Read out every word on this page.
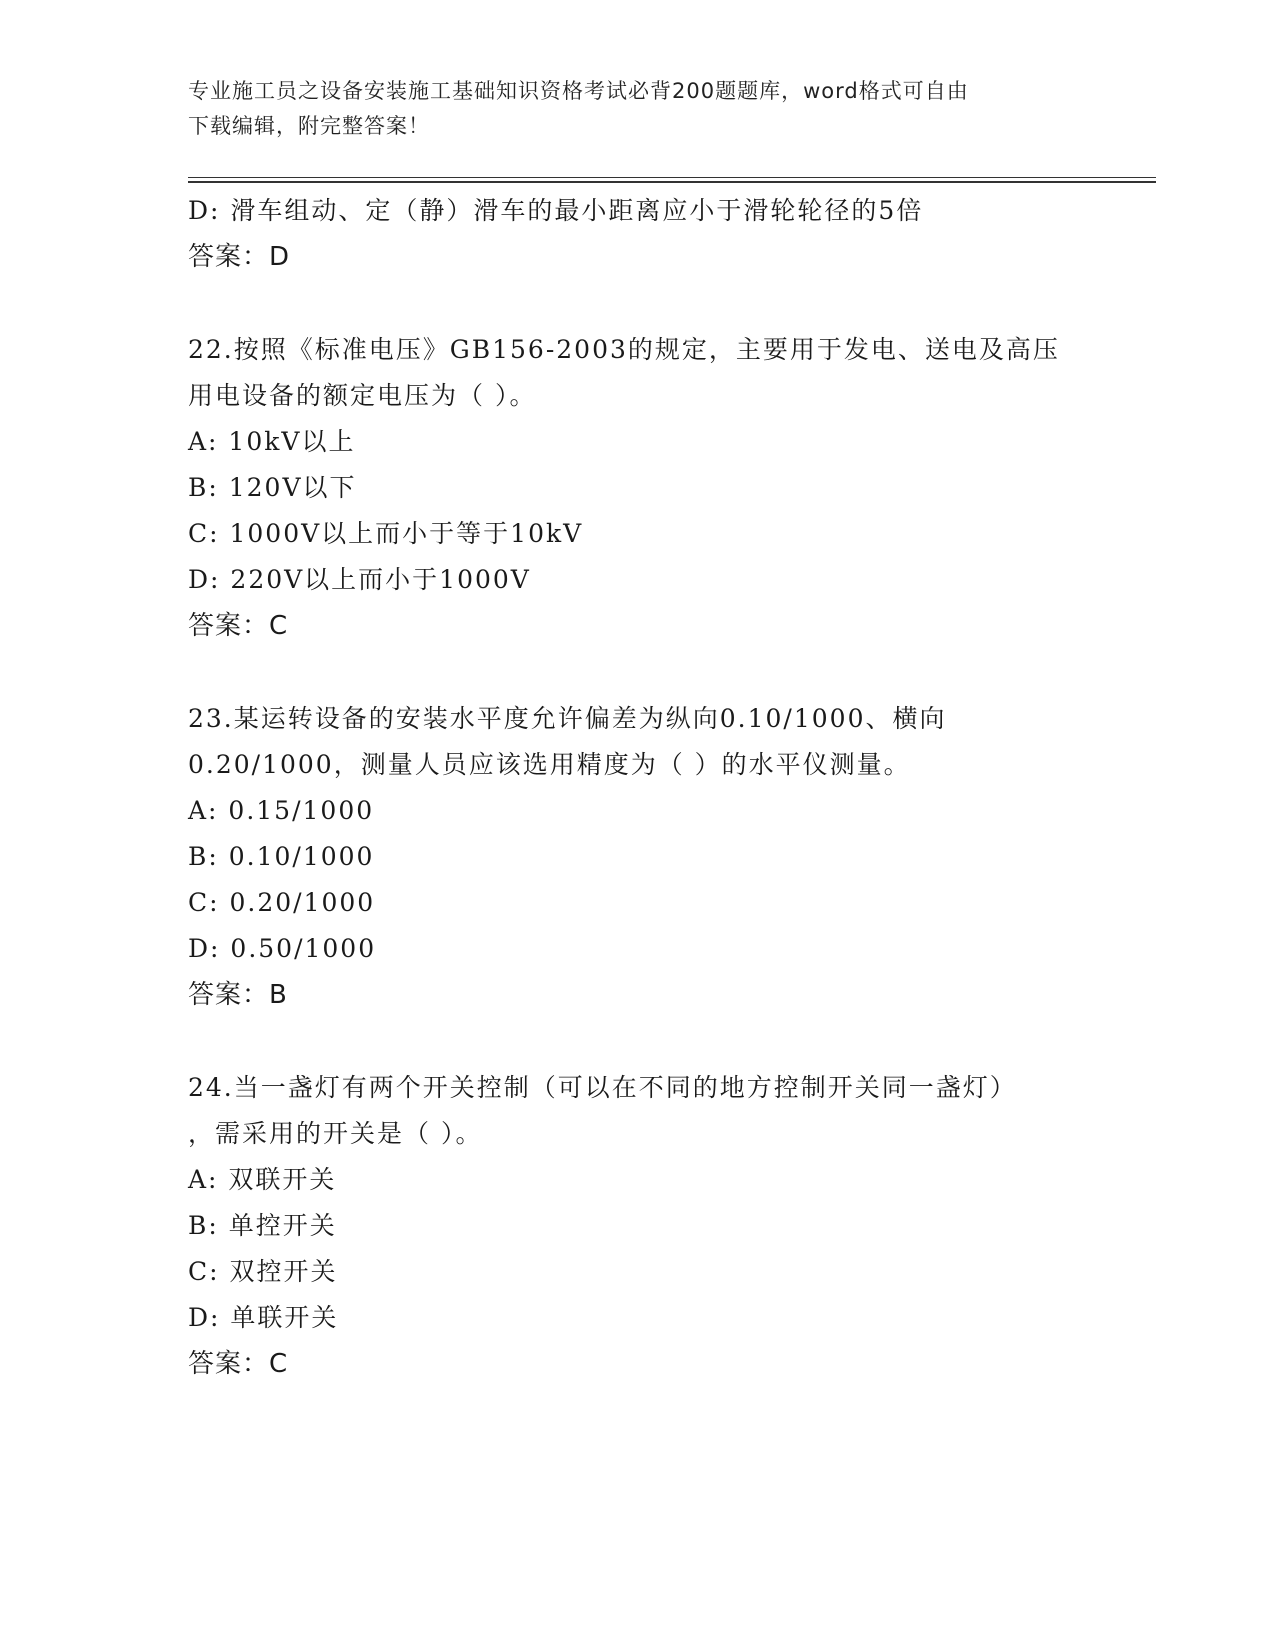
专业施工员之设备安装施工基础知识资格考试必背200题题库，word格式可自由
下载编辑，附完整答案！
D: 滑车组动、定（静）滑车的最小距离应小于滑轮轮径的5倍
答案：D
22.按照《标准电压》GB156-2003的规定，主要用于发电、送电及高压
用电设备的额定电压为（ ）。
A: 10kV以上
B: 120V以下
C: 1000V以上而小于等于10kV
D: 220V以上而小于1000V
答案：C
23.某运转设备的安装水平度允许偏差为纵向0.10/1000、横向
0.20/1000，测量人员应该选用精度为（ ）的水平仪测量。
A: 0.15/1000
B: 0.10/1000
C: 0.20/1000
D: 0.50/1000
答案：B
24.当一盏灯有两个开关控制（可以在不同的地方控制开关同一盏灯）
，需采用的开关是（ ）。
A: 双联开关
B: 单控开关
C: 双控开关
D: 单联开关
答案：C
